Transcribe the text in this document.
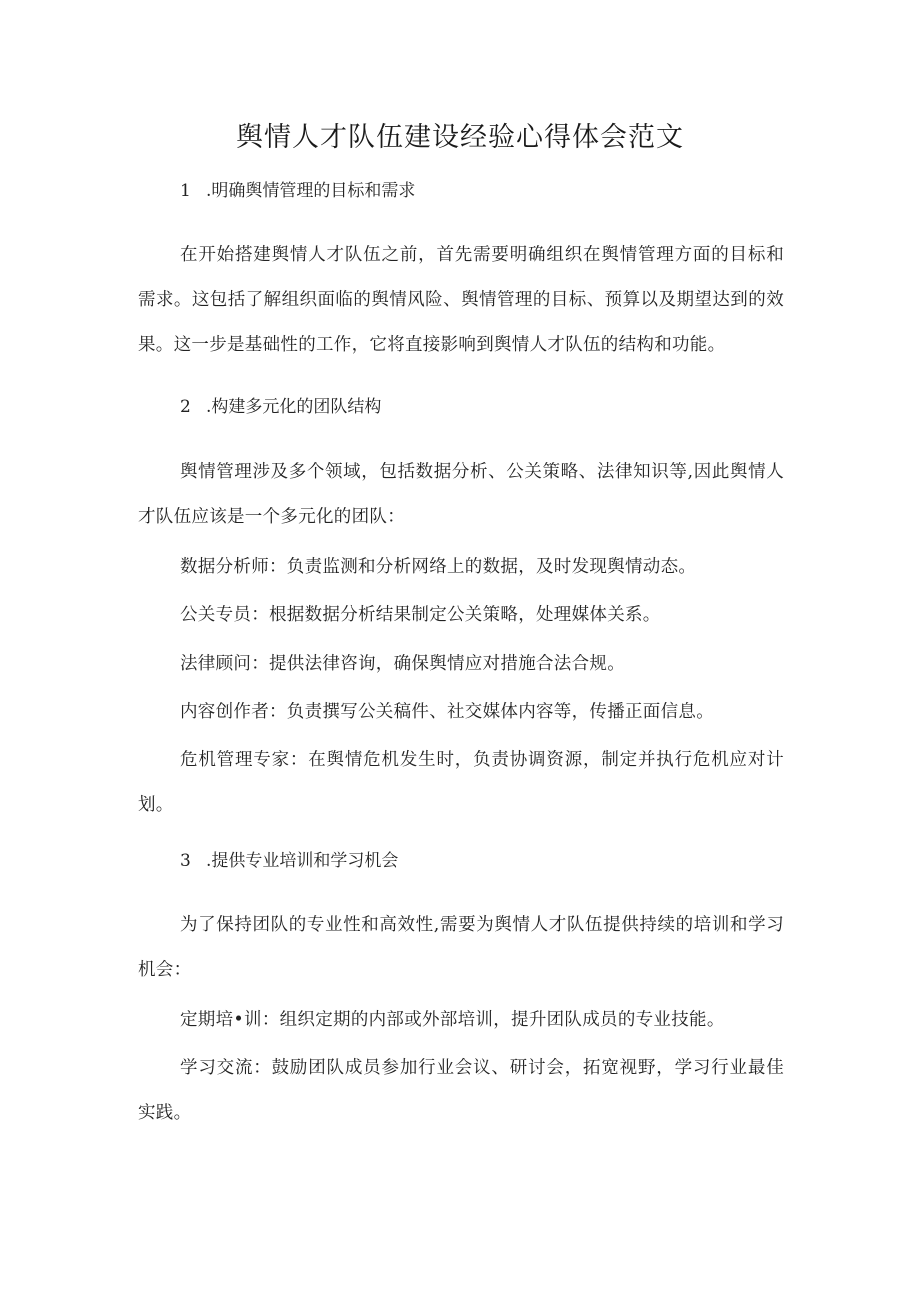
舆情人才队伍建设经验心得体会范文
1 .明确舆情管理的目标和需求

在开始搭建舆情人才队伍之前，首先需要明确组织在舆情管理方面的目标和需求。这包括了解组织面临的舆情风险、舆情管理的目标、预算以及期望达到的效果。这一步是基础性的工作，它将直接影响到舆情人才队伍的结构和功能。

2 .构建多元化的团队结构

舆情管理涉及多个领域，包括数据分析、公关策略、法律知识等,因此舆情人才队伍应该是一个多元化的团队：

数据分析师：负责监测和分析网络上的数据，及时发现舆情动态。

公关专员：根据数据分析结果制定公关策略，处理媒体关系。

法律顾问：提供法律咨询，确保舆情应对措施合法合规。

内容创作者：负责撰写公关稿件、社交媒体内容等，传播正面信息。

危机管理专家：在舆情危机发生时，负责协调资源，制定并执行危机应对计划。

3 .提供专业培训和学习机会

为了保持团队的专业性和高效性,需要为舆情人才队伍提供持续的培训和学习机会：

定期培•训：组织定期的内部或外部培训，提升团队成员的专业技能。

学习交流：鼓励团队成员参加行业会议、研讨会，拓宽视野，学习行业最佳实践。
